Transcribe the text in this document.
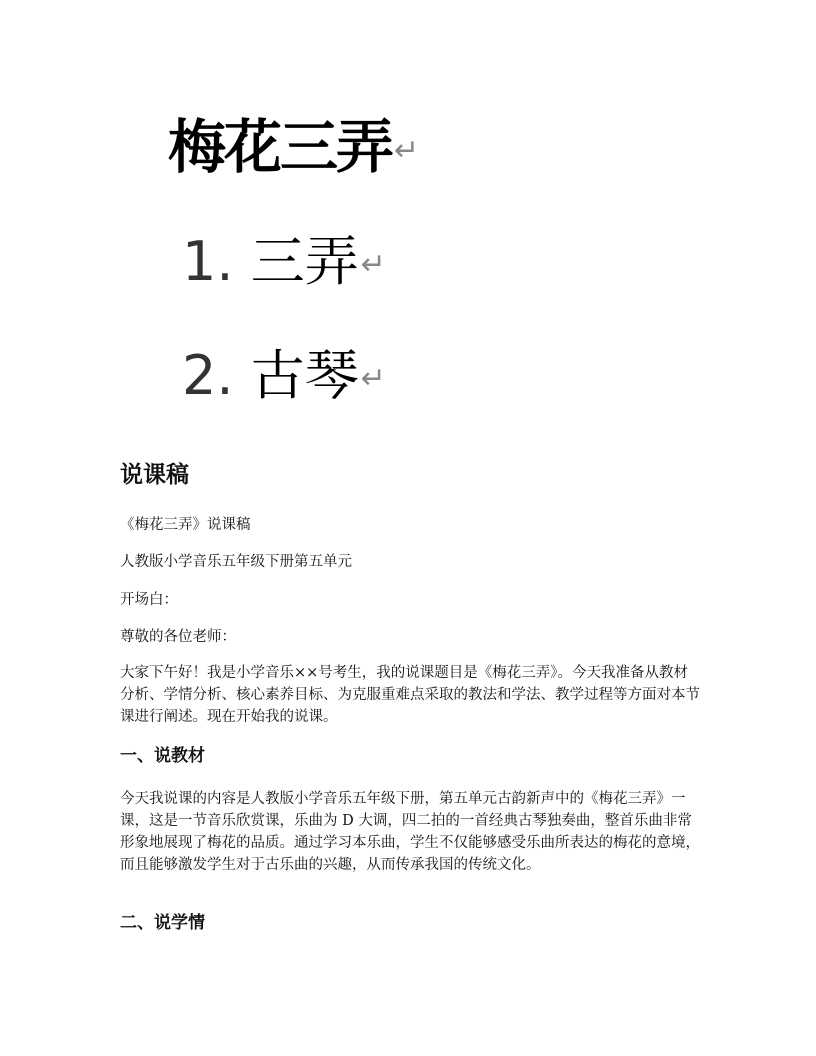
梅花三弄↵
1. 三弄↵
2. 古琴↵
说课稿

《梅花三弄》说课稿

人教版小学音乐五年级下册第五单元

开场白：

尊敬的各位老师：

大家下午好！我是小学音乐××号考生，我的说课题目是《梅花三弄》。今天我准备从教材分析、学情分析、核心素养目标、为克服重难点采取的教法和学法、教学过程等方面对本节课进行阐述。现在开始我的说课。

一、说教材

今天我说课的内容是人教版小学音乐五年级下册，第五单元古韵新声中的《梅花三弄》一课，这是一节音乐欣赏课，乐曲为 D 大调，四二拍的一首经典古琴独奏曲，整首乐曲非常形象地展现了梅花的品质。通过学习本乐曲，学生不仅能够感受乐曲所表达的梅花的意境，而且能够激发学生对于古乐曲的兴趣，从而传承我国的传统文化。

二、说学情
